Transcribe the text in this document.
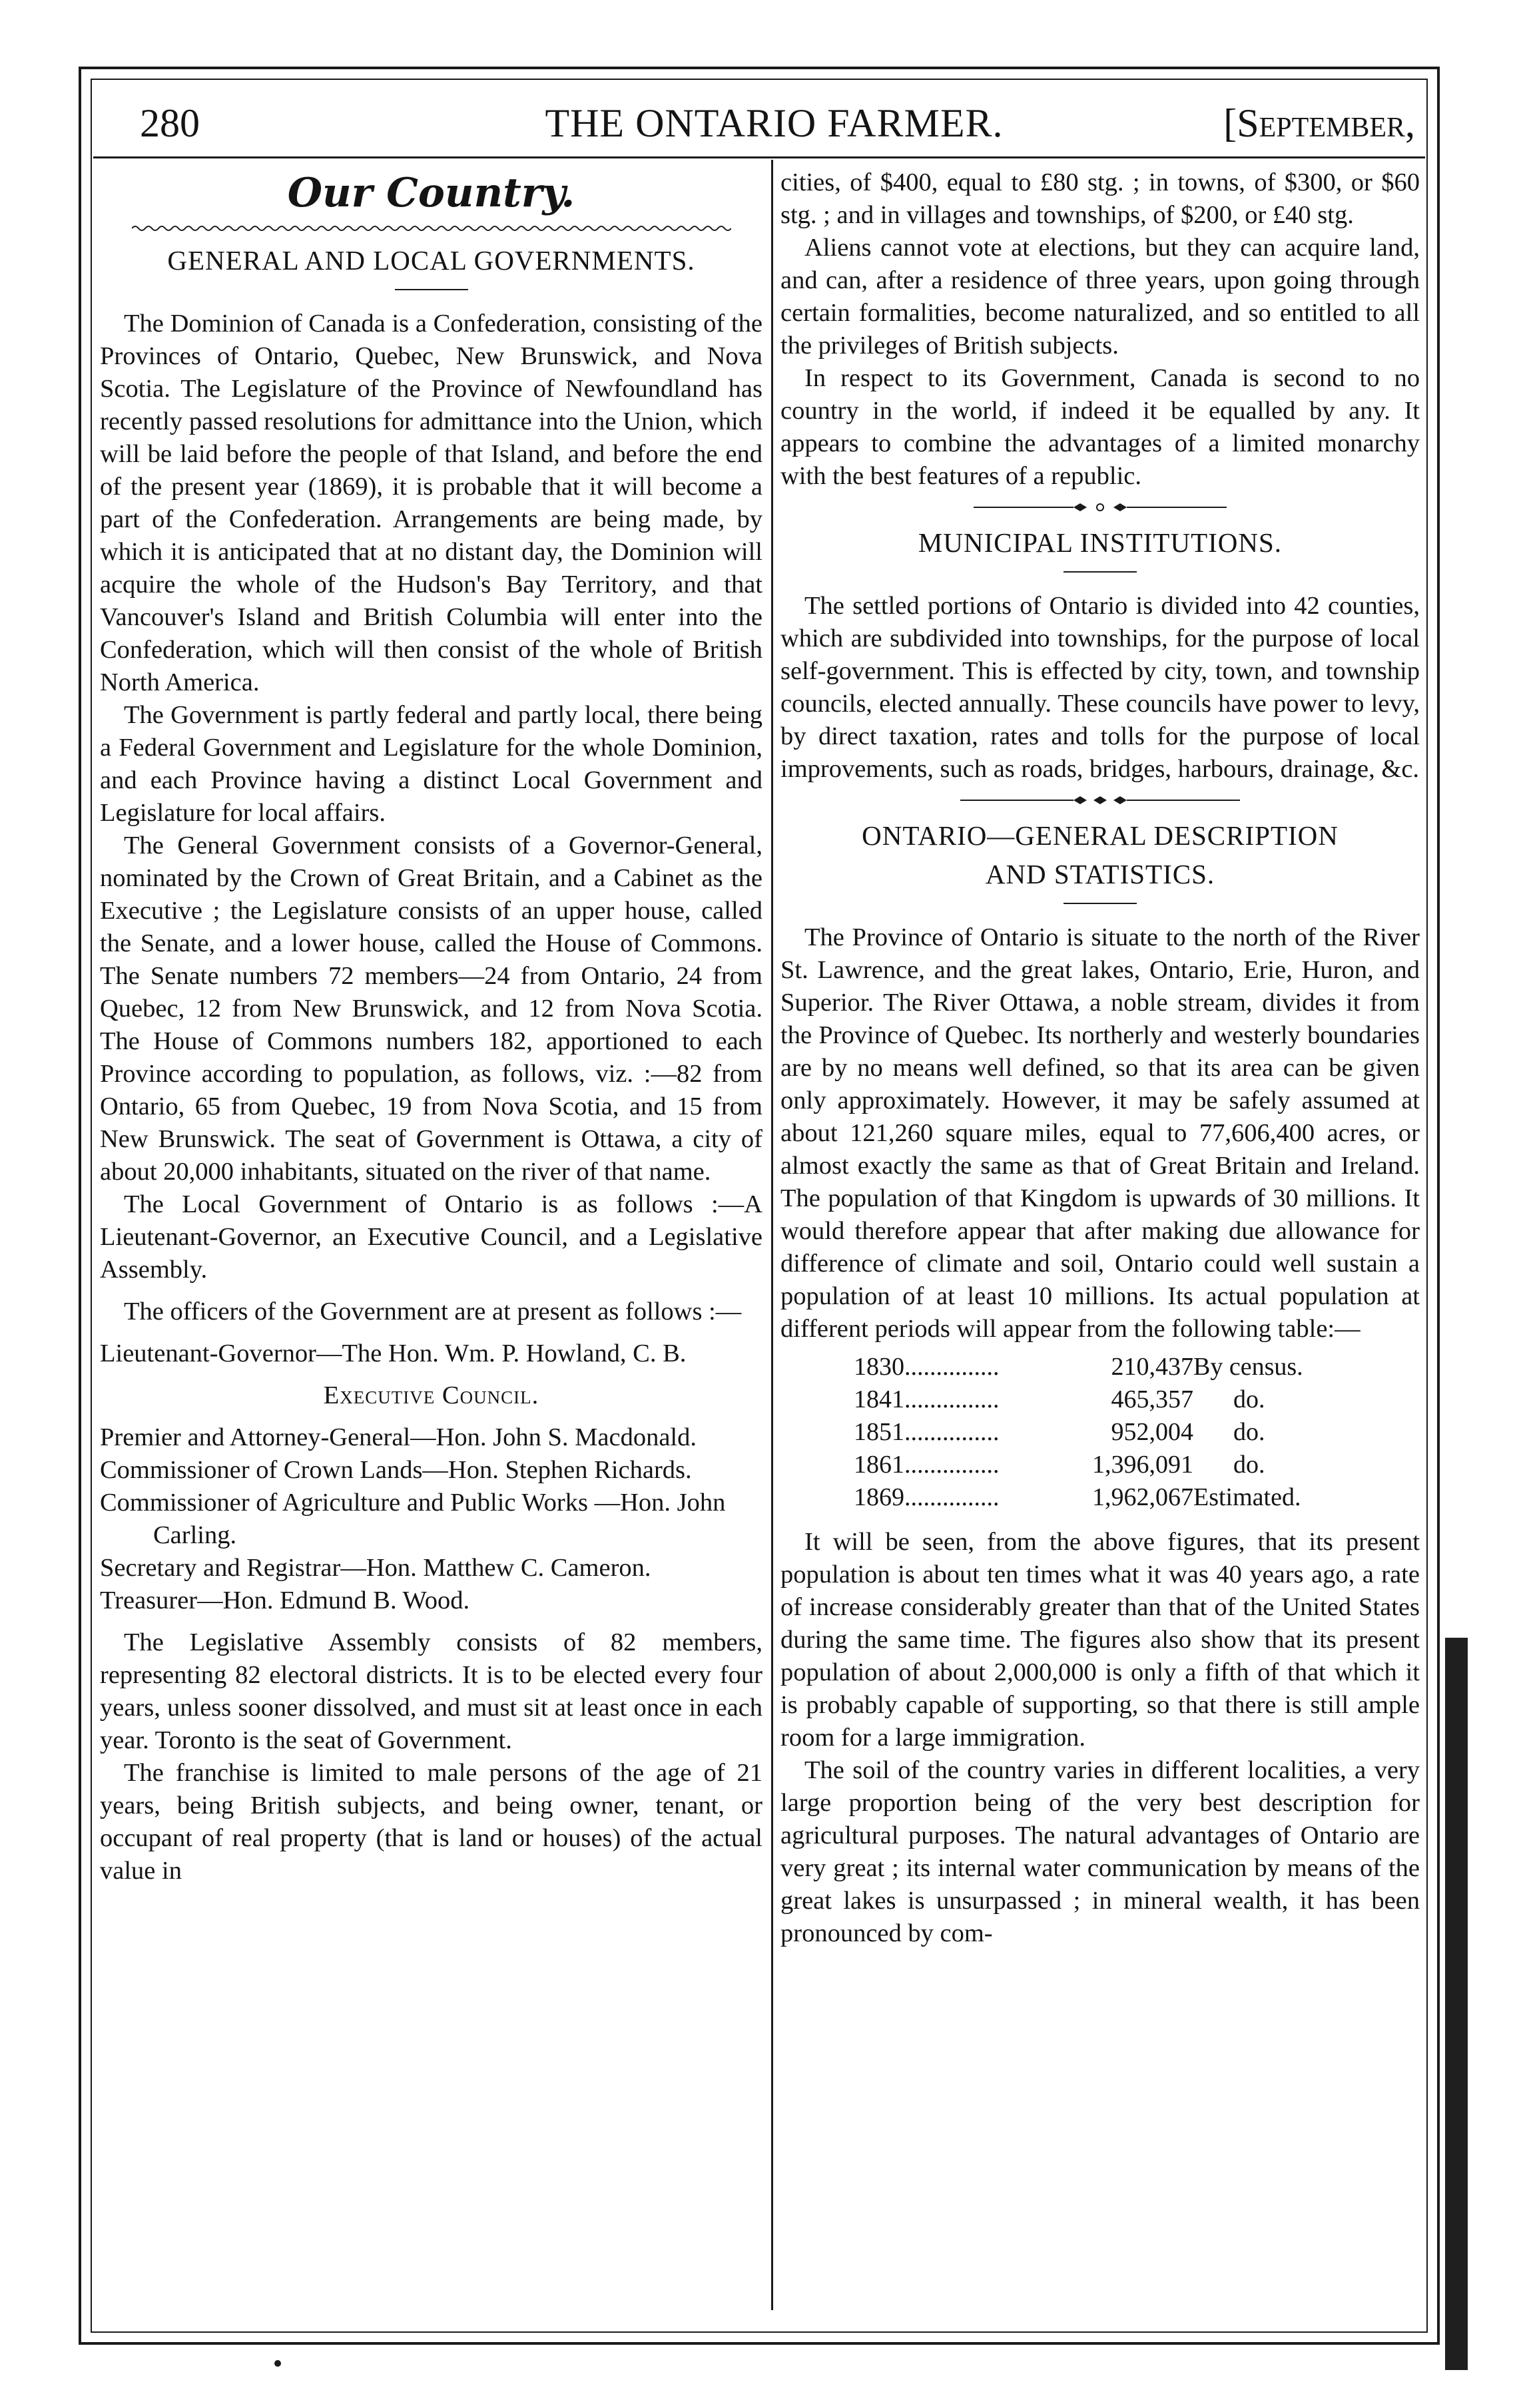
280	THE ONTARIO FARMER.	[September,
Our Country.
GENERAL AND LOCAL GOVERNMENTS.

The Dominion of Canada is a Confederation, consisting of the Provinces of Ontario, Quebec, New Brunswick, and Nova Scotia. The Legislature of the Province of Newfoundland has recently passed resolutions for admittance into the Union, which will be laid before the people of that Island, and before the end of the present year (1869), it is probable that it will become a part of the Confederation. Arrangements are being made, by which it is anticipated that at no distant day, the Dominion will acquire the whole of the Hudson's Bay Territory, and that Vancouver's Island and British Columbia will enter into the Confederation, which will then consist of the whole of British North America.

The Government is partly federal and partly local, there being a Federal Government and Legislature for the whole Dominion, and each Province having a distinct Local Government and Legislature for local affairs.

The General Government consists of a Governor-General, nominated by the Crown of Great Britain, and a Cabinet as the Executive ; the Legislature consists of an upper house, called the Senate, and a lower house, called the House of Commons. The Senate numbers 72 members—24 from Ontario, 24 from Quebec, 12 from New Brunswick, and 12 from Nova Scotia. The House of Commons numbers 182, apportioned to each Province according to population, as follows, viz. :—82 from Ontario, 65 from Quebec, 19 from Nova Scotia, and 15 from New Brunswick. The seat of Government is Ottawa, a city of about 20,000 inhabitants, situated on the river of that name.

The Local Government of Ontario is as follows :—A Lieutenant-Governor, an Executive Council, and a Legislative Assembly.

The officers of the Government are at present as follows :—

Lieutenant-Governor—The Hon. Wm. P. Howland, C. B.

Executive Council.

Premier and Attorney-General—Hon. John S. Macdonald.

Commissioner of Crown Lands—Hon. Stephen Richards.

Commissioner of Agriculture and Public Works —Hon. John Carling.

Secretary and Registrar—Hon. Matthew C. Cameron.

Treasurer—Hon. Edmund B. Wood.

The Legislative Assembly consists of 82 members, representing 82 electoral districts. It is to be elected every four years, unless sooner dissolved, and must sit at least once in each year. Toronto is the seat of Government.

The franchise is limited to male persons of the age of 21 years, being British subjects, and being owner, tenant, or occupant of real property (that is land or houses) of the actual value in

cities, of $400, equal to £80 stg. ; in towns, of $300, or $60 stg. ; and in villages and townships, of $200, or £40 stg.

Aliens cannot vote at elections, but they can acquire land, and can, after a residence of three years, upon going through certain formalities, become naturalized, and so entitled to all the privileges of British subjects.

In respect to its Government, Canada is second to no country in the world, if indeed it be equalled by any. It appears to combine the advantages of a limited monarchy with the best features of a republic.

MUNICIPAL INSTITUTIONS.

The settled portions of Ontario is divided into 42 counties, which are subdivided into townships, for the purpose of local self-government. This is effected by city, town, and township councils, elected annually. These councils have power to levy, by direct taxation, rates and tolls for the purpose of local improvements, such as roads, bridges, harbours, drainage, &c.

ONTARIO—GENERAL DESCRIPTION
AND STATISTICS.

The Province of Ontario is situate to the north of the River St. Lawrence, and the great lakes, Ontario, Erie, Huron, and Superior. The River Ottawa, a noble stream, divides it from the Province of Quebec. Its northerly and westerly boundaries are by no means well defined, so that its area can be given only approximately. However, it may be safely assumed at about 121,260 square miles, equal to 77,606,400 acres, or almost exactly the same as that of Great Britain and Ireland. The population of that Kingdom is upwards of 30 millions. It would therefore appear that after making due allowance for difference of climate and soil, Ontario could well sustain a population of at least 10 millions. Its actual population at different periods will appear from the following table:—

1830...............	210,437	By census.
1841...............	465,357	do.
1851...............	952,004	do.
1861...............	1,396,091	do.
1869...............	1,962,067	Estimated.

It will be seen, from the above figures, that its present population is about ten times what it was 40 years ago, a rate of increase considerably greater than that of the United States during the same time. The figures also show that its present population of about 2,000,000 is only a fifth of that which it is probably capable of supporting, so that there is still ample room for a large immigration.

The soil of the country varies in different localities, a very large proportion being of the very best description for agricultural purposes. The natural advantages of Ontario are very great ; its internal water communication by means of the great lakes is unsurpassed ; in mineral wealth, it has been pronounced by com-
